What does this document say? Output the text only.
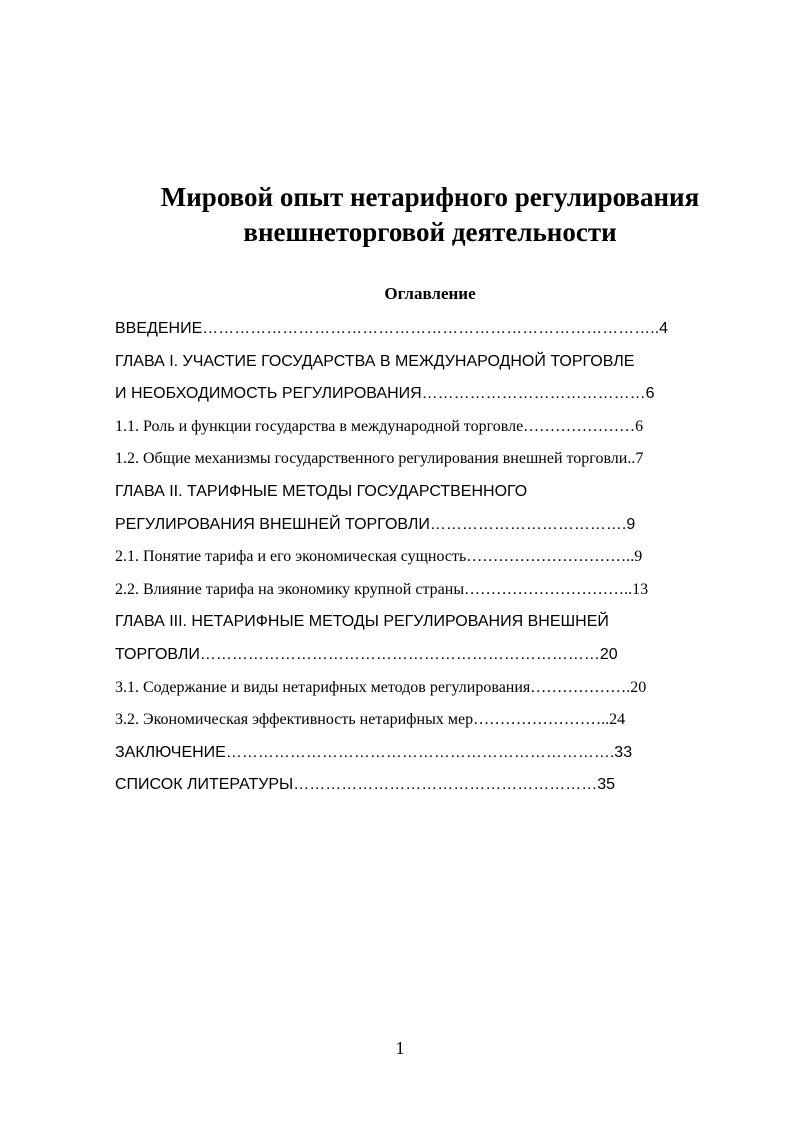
Мировой опыт нетарифного регулирования
внешнеторговой деятельности
Оглавление
ВВЕДЕНИЕ…………………………………………………………………………..4
ГЛАВА I. УЧАСТИЕ ГОСУДАРСТВА В МЕЖДУНАРОДНОЙ ТОРГОВЛЕ
И НЕОБХОДИМОСТЬ РЕГУЛИРОВАНИЯ……………………………………6
1.1. Роль и функции государства в международной торговле…………………6
1.2. Общие механизмы государственного регулирования внешней торговли..7
ГЛАВА II. ТАРИФНЫЕ МЕТОДЫ ГОСУДАРСТВЕННОГО
РЕГУЛИРОВАНИЯ ВНЕШНЕЙ ТОРГОВЛИ……………………………….9
2.1. Понятие тарифа и его экономическая сущность…………………………..9
2.2. Влияние тарифа на экономику крупной страны…………………………..13
ГЛАВА III. НЕТАРИФНЫЕ МЕТОДЫ РЕГУЛИРОВАНИЯ ВНЕШНЕЙ
ТОРГОВЛИ…………………………………………………………………20
3.1. Содержание и виды нетарифных методов регулирования……………….20
3.2. Экономическая эффективность нетарифных мер……………………..24
ЗАКЛЮЧЕНИЕ……………………………………………………………….33
СПИСОК ЛИТЕРАТУРЫ…………………………………………………35
1
